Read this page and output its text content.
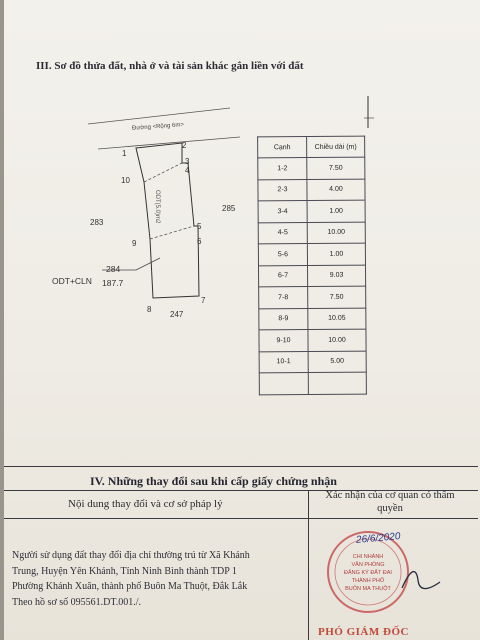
III. Sơ đồ thửa đất, nhà ở và tài sản khác gắn liền với đất
Đường <Rộng 6m>
ODT(5.0)m2
1
2
3
4
5
6
7
8
9
10
283
285
247
ODT+CLN
284
187.7
Cạnh	Chiều dài (m)
1-2	7.50
2-3	4.00
3-4	1.00
4-5	10.00
5-6	1.00
6-7	9.03
7-8	7.50
8-9	10.05
9-10	10.00
10-1	5.00

IV. Những thay đổi sau khi cấp giấy chứng nhận
Nội dung thay đổi và cơ sở pháp lý
Xác nhận của cơ quan có thẩm quyền
Người sử dụng đất thay đổi địa chỉ thường trú từ Xã Khánh
Trung, Huyện Yên Khánh, Tỉnh Ninh Bình thành TDP 1
Phường Khánh Xuân, thành phố Buôn Ma Thuột, Đắk Lắk
Theo hồ sơ số 095561.DT.001./.
CHI NHÁNH
VĂN PHÒNG
ĐĂNG KÝ ĐẤT ĐAI
THÀNH PHỐ
BUÔN MA THUỘT
26/6/2020
PHÓ GIÁM ĐỐC
